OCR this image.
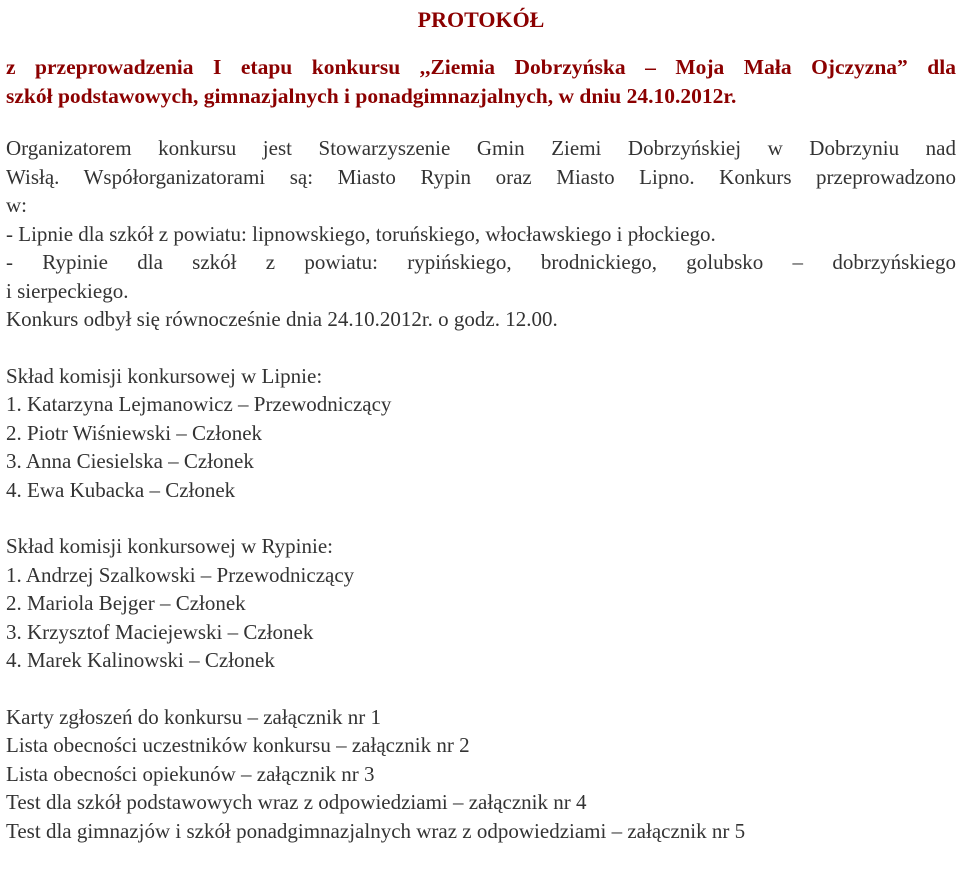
PROTOKÓŁ
z przeprowadzenia I etapu konkursu ,,Ziemia Dobrzyńska – Moja Mała Ojczyzna” dla
szkół podstawowych, gimnazjalnych i ponadgimnazjalnych, w dniu 24.10.2012r.
Organizatorem konkursu jest Stowarzyszenie Gmin Ziemi Dobrzyńskiej w Dobrzyniu nad
Wisłą. Współorganizatorami są: Miasto Rypin oraz Miasto Lipno. Konkurs przeprowadzono
w:
- Lipnie dla szkół z powiatu: lipnowskiego, toruńskiego, włocławskiego i płockiego.
- Rypinie dla szkół z powiatu: rypińskiego, brodnickiego, golubsko – dobrzyńskiego
i sierpeckiego.
Konkurs odbył się równocześnie dnia 24.10.2012r. o godz. 12.00.
Skład komisji konkursowej w Lipnie:
1. Katarzyna Lejmanowicz – Przewodniczący
2. Piotr Wiśniewski – Członek
3. Anna Ciesielska – Członek
4. Ewa Kubacka – Członek
Skład komisji konkursowej w Rypinie:
1. Andrzej Szalkowski – Przewodniczący
2. Mariola Bejger – Członek
3. Krzysztof Maciejewski – Członek
4. Marek Kalinowski – Członek
Karty zgłoszeń do konkursu – załącznik nr 1
Lista obecności uczestników konkursu – załącznik nr 2
Lista obecności opiekunów – załącznik nr 3
Test dla szkół podstawowych wraz z odpowiedziami – załącznik nr 4
Test dla gimnazjów i szkół ponadgimnazjalnych wraz z odpowiedziami – załącznik nr 5
